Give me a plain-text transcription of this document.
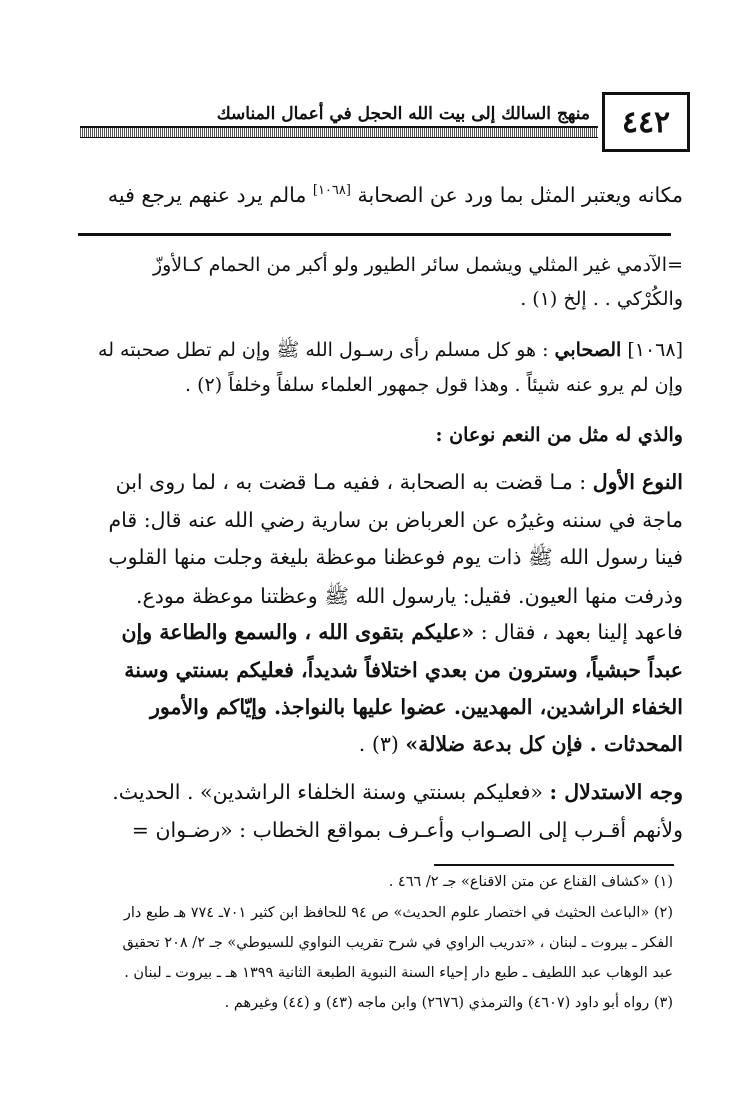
٤٤٢
منهج السالك إلى بيت الله الحجل في أعمال المناسك
مكانه ويعتبر المثل بما ورد عن الصحابة [١٠٦٨] مالم يرد عنهم يرجع فيه
=الآدمي غير المثلي ويشمل سائر الطيور ولو أكبر من الحمام كـالأوزّ
والكُرْكي . . إلخ (١) .
[١٠٦٨] الصحابي : هو كل مسلم رأى رسـول الله ﷺ وإن لم تطل صحبته له
وإن لم يرو عنه شيئاً . وهذا قول جمهور العلماء سلفاً وخلفاً (٢) .
والذي له مثل من النعم نوعان :
النوع الأول : مـا قضت به الصحابة ، ففيه مـا قضت به ، لما روى ابن
ماجة في سننه وغيرُه عن العرباض بن سارية رضي الله عنه قال: قام
فينا رسول الله ﷺ ذات يوم فوعظنا موعظة بليغة وجلت منها القلوب
وذرفت منها العيون. فقيل: يارسول الله ﷺ وعظتنا موعظة مودع.
فاعهد إلينا بعهد ، فقال : «عليكم بتقوى الله ، والسمع والطاعة وإن
عبداً حبشياً، وسترون من بعدي اختلافاً شديداً، فعليكم بسنتي وسنة
الخفاء الراشدين، المهديين. عضوا عليها بالنواجذ. وإيّاكم والأمور
المحدثات . فإن كل بدعة ضلالة» (٣) .
وجه الاستدلال : «فعليكم بسنتي وسنة الخلفاء الراشدين» . الحديث.
ولأنهم أقـرب إلى الصـواب وأعـرف بمواقع الخطاب : «رضـوان =
(١) «كشاف القناع عن متن الاقناع» جـ ٢/ ٤٦٦ .
(٢) «الباعث الحثيث في اختصار علوم الحديث» ص ٩٤ للحافظ ابن كثير ٧٠١ـ ٧٧٤ هـ طبع دار
الفكر ـ بيروت ـ لبنان ، «تدريب الراوي في شرح تقريب النواوي للسيوطي» جـ ٢/ ٢٠٨ تحقيق
عبد الوهاب عبد اللطيف ـ طبع دار إحياء السنة النبوية الطبعة الثانية ١٣٩٩ هـ ـ بيروت ـ لبنان .
(٣) رواه أبو داود (٤٦٠٧) والترمذي (٢٦٧٦) وابن ماجه (٤٣) و (٤٤) وغيرهم .
